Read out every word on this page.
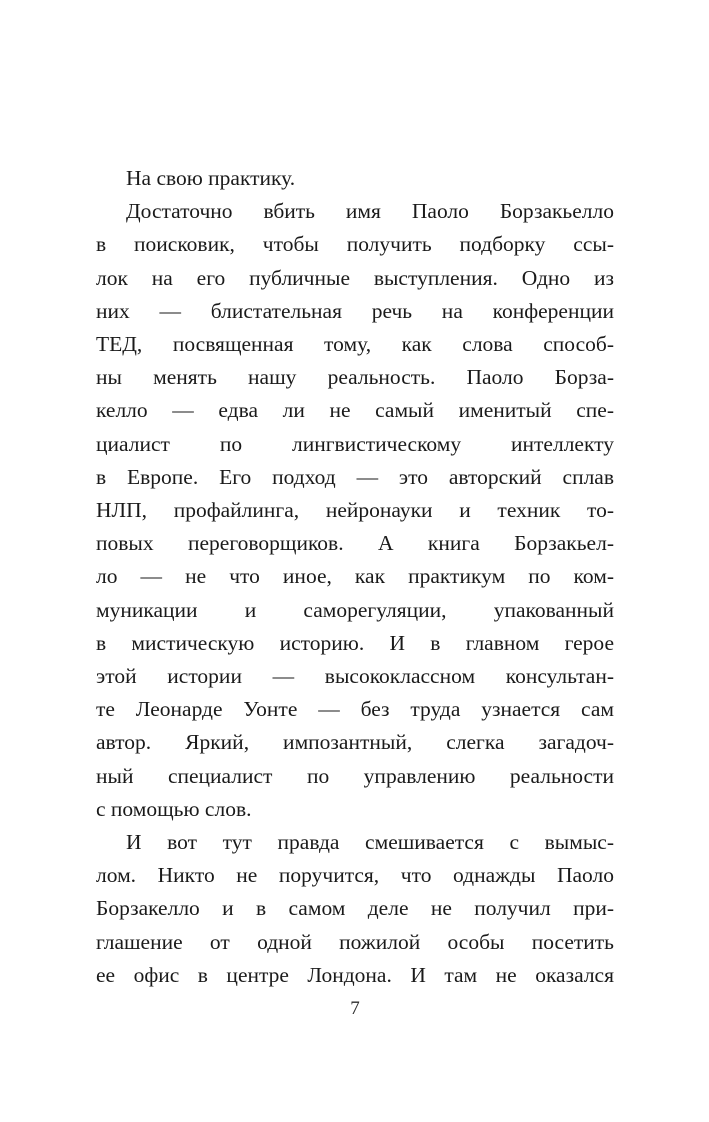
На свою практику.
Достаточно вбить имя Паоло Борзакьелло
в поисковик, чтобы получить подборку ссы-
лок на его публичные выступления. Одно из
них — блистательная речь на конференции
ТЕД, посвященная тому, как слова способ-
ны менять нашу реальность. Паоло Борза-
келло — едва ли не самый именитый спе-
циалист по лингвистическому интеллекту
в Европе. Его подход — это авторский сплав
НЛП, профайлинга, нейронауки и техник то-
повых переговорщиков. А книга Борзакьел-
ло — не что иное, как практикум по ком-
муникации и саморегуляции, упакованный
в мистическую историю. И в главном герое
этой истории — высококлассном консультан-
те Леонарде Уонте — без труда узнается сам
автор. Яркий, импозантный, слегка загадоч-
ный специалист по управлению реальности
с помощью слов.
И вот тут правда смешивается с вымыс-
лом. Никто не поручится, что однажды Паоло
Борзакелло и в самом деле не получил при-
глашение от одной пожилой особы посетить
ее офис в центре Лондона. И там не оказался
7
